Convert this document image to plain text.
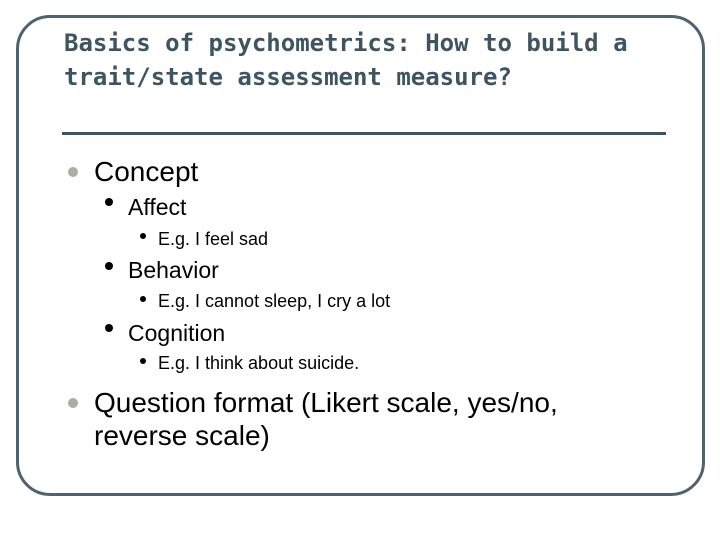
Basics of psychometrics: How to build a trait/state assessment measure?
Concept
Affect
E.g. I feel sad
Behavior
E.g. I cannot sleep, I cry a lot
Cognition
E.g. I think about suicide.
Question format (Likert scale, yes/no,
reverse scale)
